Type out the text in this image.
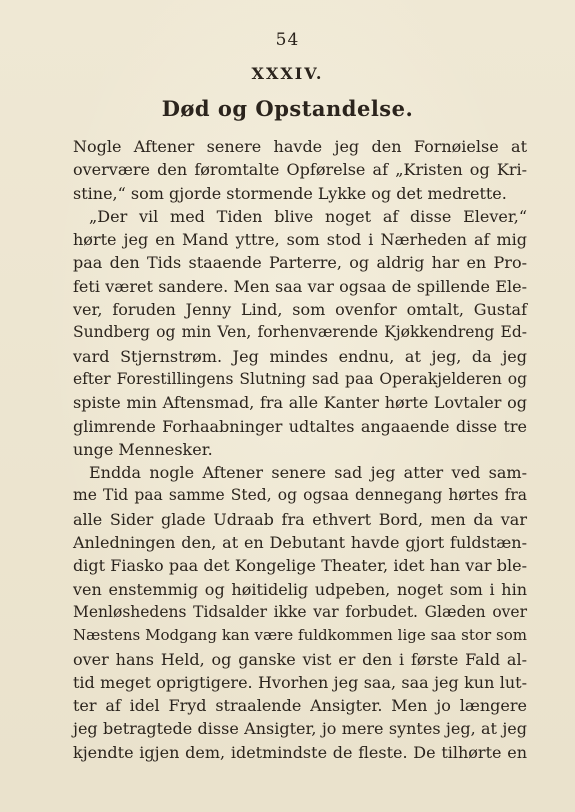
54
XXXIV.
Død og Opstandelse.
Nogle Aftener senere havde jeg den Fornøielse at
overvære den føromtalte Opførelse af „Kristen og Kri-
stine,“ som gjorde stormende Lykke og det medrette.
„Der vil med Tiden blive noget af disse Elever,“
hørte jeg en Mand yttre, som stod i Nærheden af mig
paa den Tids staaende Parterre, og aldrig har en Pro-
feti været sandere. Men saa var ogsaa de spillende Ele-
ver, foruden Jenny Lind, som ovenfor omtalt, Gustaf
Sundberg og min Ven, forhenværende Kjøkkendreng Ed-
vard Stjernstrøm. Jeg mindes endnu, at jeg, da jeg
efter Forestillingens Slutning sad paa Operakjelderen og
spiste min Aftensmad, fra alle Kanter hørte Lovtaler og
glimrende Forhaabninger udtaltes angaaende disse tre
unge Mennesker.
Endda nogle Aftener senere sad jeg atter ved sam-
me Tid paa samme Sted, og ogsaa dennegang hørtes fra
alle Sider glade Udraab fra ethvert Bord, men da var
Anledningen den, at en Debutant havde gjort fuldstæn-
digt Fiasko paa det Kongelige Theater, idet han var ble-
ven enstemmig og høitidelig udpeben, noget som i hin
Menløshedens Tidsalder ikke var forbudet. Glæden over
Næstens Modgang kan være fuldkommen lige saa stor som
over hans Held, og ganske vist er den i første Fald al-
tid meget oprigtigere. Hvorhen jeg saa, saa jeg kun lut-
ter af idel Fryd straalende Ansigter. Men jo længere
jeg betragtede disse Ansigter, jo mere syntes jeg, at jeg
kjendte igjen dem, idetmindste de fleste. De tilhørte en
